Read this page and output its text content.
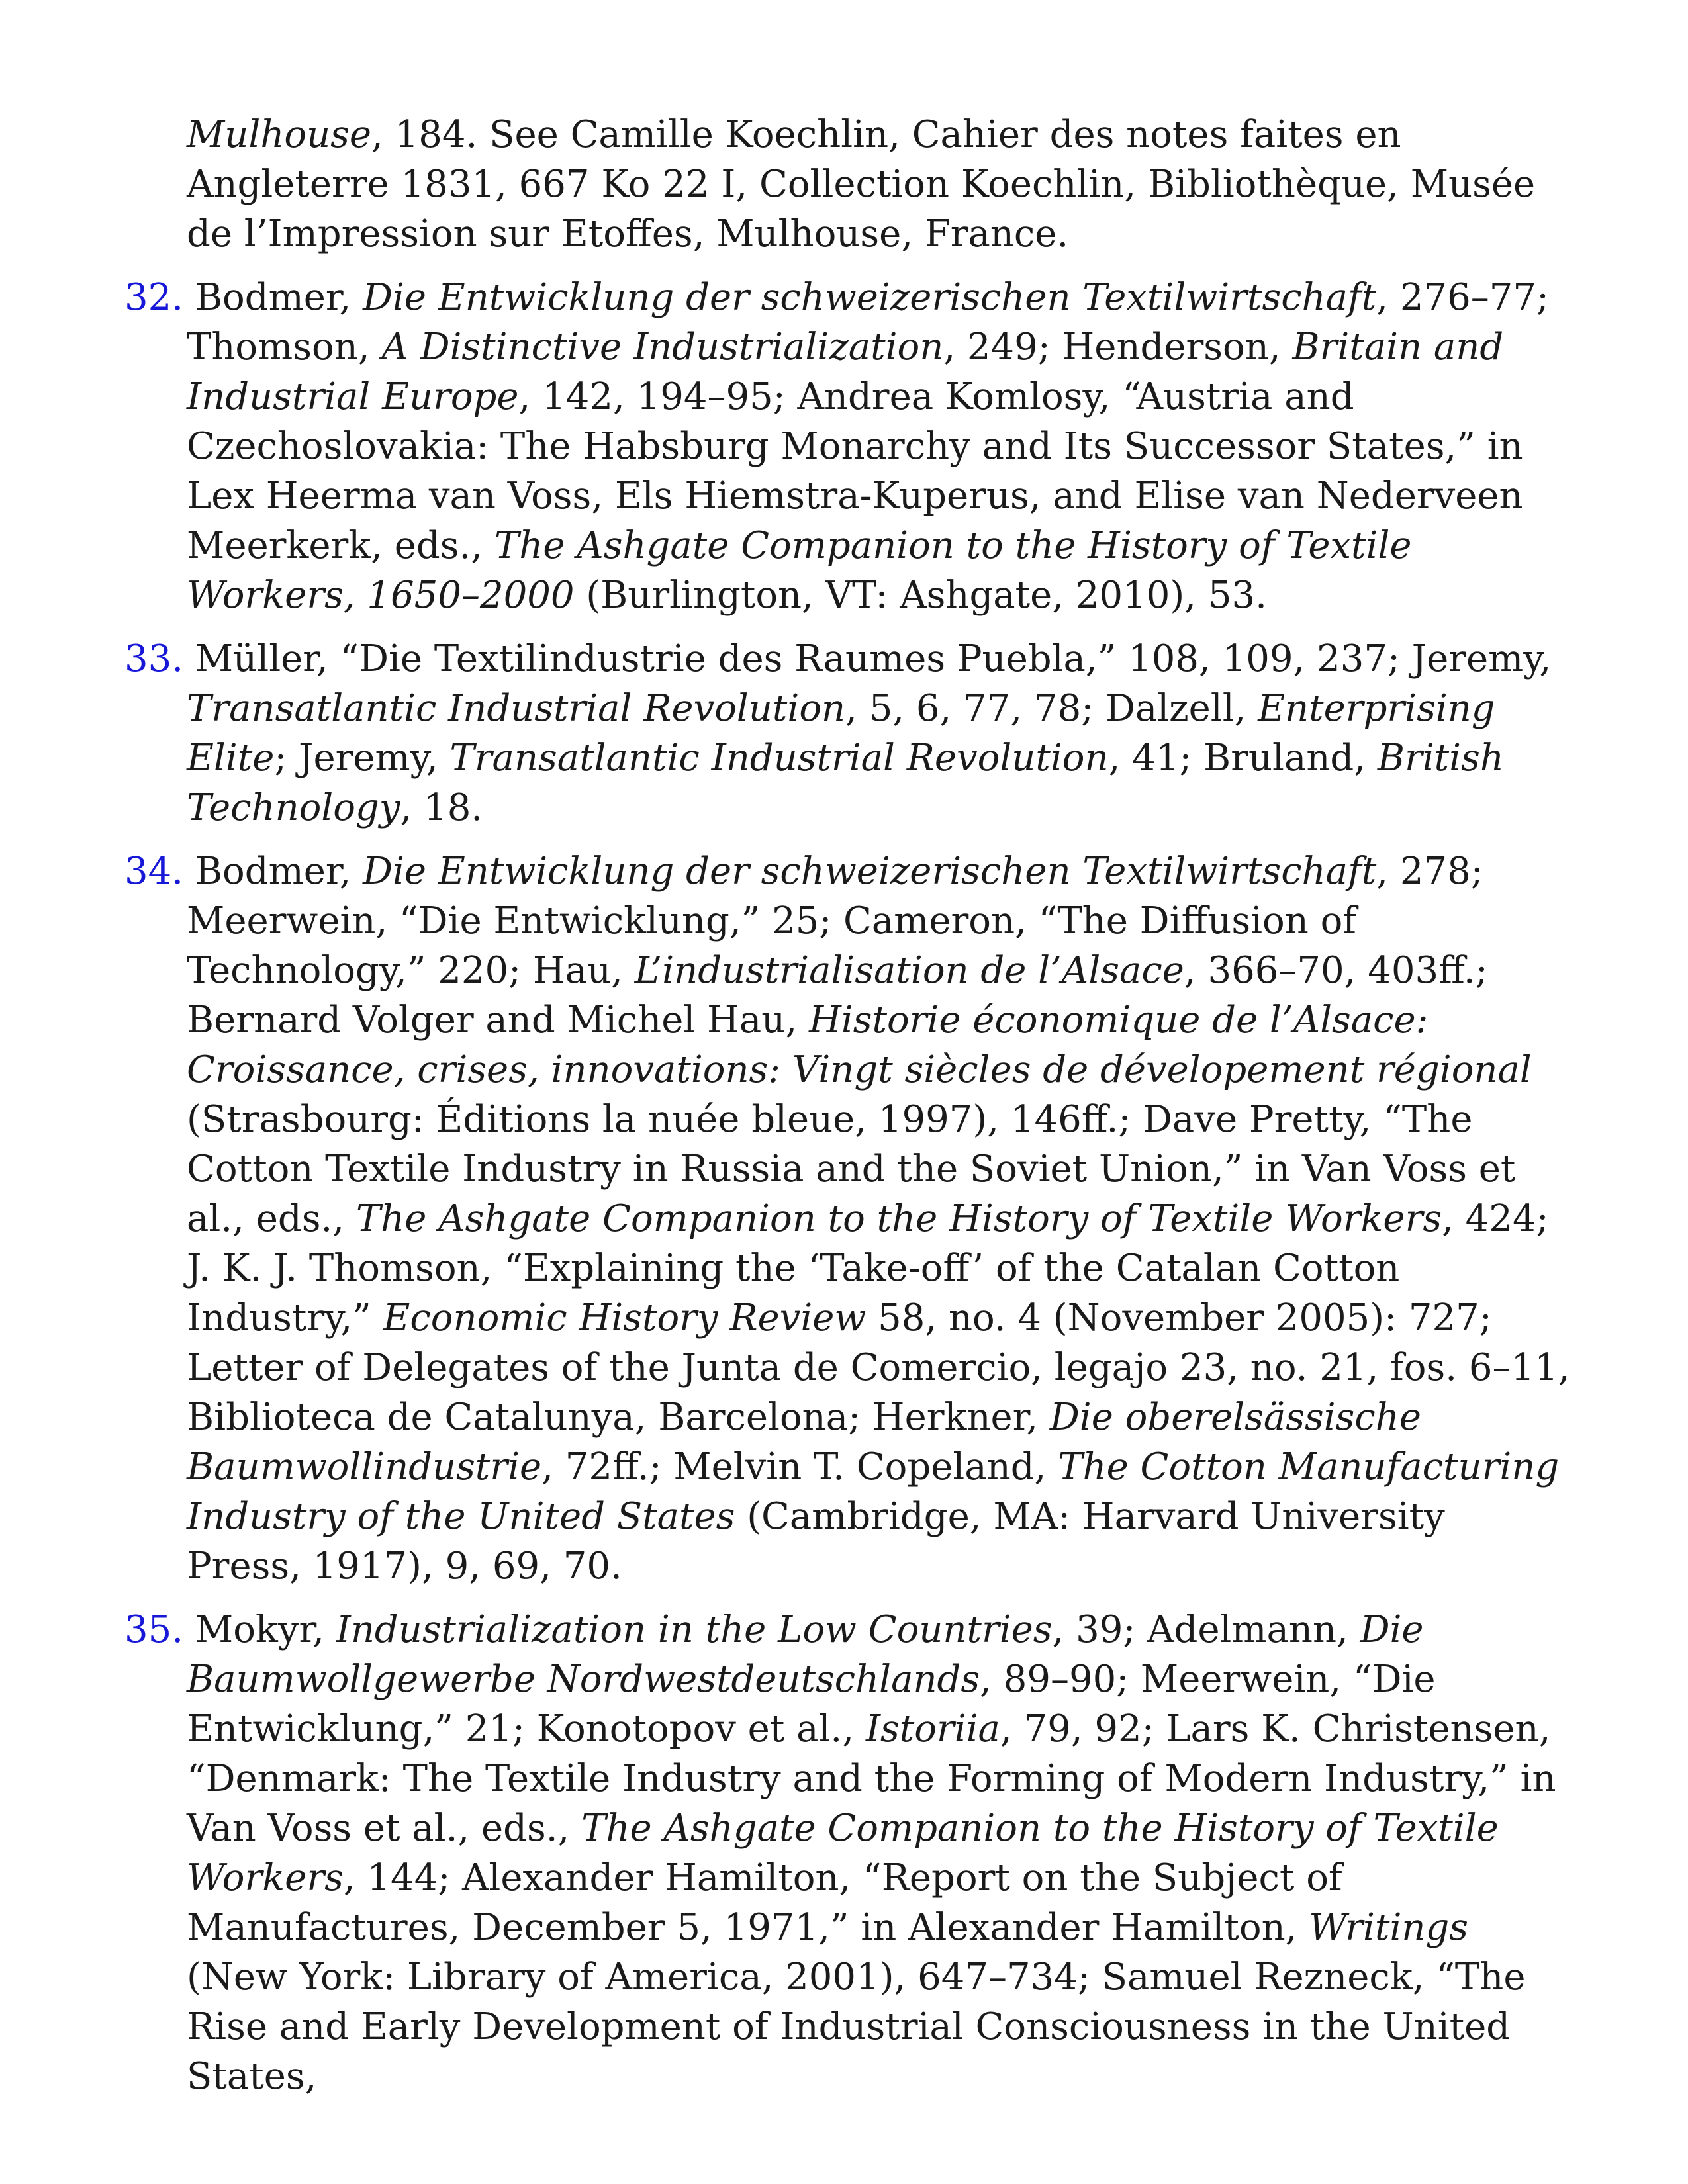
Mulhouse, 184. See Camille Koechlin, Cahier des notes faites en Angleterre 1831, 667 Ko 22 I, Collection Koechlin, Bibliothèque, Musée de l’Impression sur Etoffes, Mulhouse, France.

32. Bodmer, Die Entwicklung der schweizerischen Textilwirtschaft, 276–77; Thomson, A Distinctive Industrialization, 249; Henderson, Britain and Industrial Europe, 142, 194–95; Andrea Komlosy, “Austria and Czechoslovakia: The Habsburg Monarchy and Its Successor States,” in Lex Heerma van Voss, Els Hiemstra-Kuperus, and Elise van Nederveen Meerkerk, eds., The Ashgate Companion to the History of Textile Workers, 1650–2000 (Burlington, VT: Ashgate, 2010), 53.

33. Müller, “Die Textilindustrie des Raumes Puebla,” 108, 109, 237; Jeremy, Transatlantic Industrial Revolution, 5, 6, 77, 78; Dalzell, Enterprising Elite; Jeremy, Transatlantic Industrial Revolution, 41; Bruland, British Technology, 18.

34. Bodmer, Die Entwicklung der schweizerischen Textilwirtschaft, 278; Meerwein, “Die Entwicklung,” 25; Cameron, “The Diffusion of Technology,” 220; Hau, L’industrialisation de l’Alsace, 366–70, 403ff.; Bernard Volger and Michel Hau, Historie économique de l’Alsace: Croissance, crises, innovations: Vingt siècles de dévelopement régional (Strasbourg: Éditions la nuée bleue, 1997), 146ff.; Dave Pretty, “The Cotton Textile Industry in Russia and the Soviet Union,” in Van Voss et al., eds., The Ashgate Companion to the History of Textile Workers, 424; J. K. J. Thomson, “Explaining the ‘Take-off’ of the Catalan Cotton Industry,” Economic History Review 58, no. 4 (November 2005): 727; Letter of Delegates of the Junta de Comercio, legajo 23, no. 21, fos. 6–11, Biblioteca de Catalunya, Barcelona; Herkner, Die oberelsässische Baumwollindustrie, 72ff.; Melvin T. Copeland, The Cotton Manufacturing Industry of the United States (Cambridge, MA: Harvard University Press, 1917), 9, 69, 70.

35. Mokyr, Industrialization in the Low Countries, 39; Adelmann, Die Baumwollgewerbe Nordwestdeutschlands, 89–90; Meerwein, “Die Entwicklung,” 21; Konotopov et al., Istoriia, 79, 92; Lars K. Christensen, “Denmark: The Textile Industry and the Forming of Modern Industry,” in Van Voss et al., eds., The Ashgate Companion to the History of Textile Workers, 144; Alexander Hamilton, “Report on the Subject of Manufactures, December 5, 1971,” in Alexander Hamilton, Writings (New York: Library of America, 2001), 647–734; Samuel Rezneck, “The Rise and Early Development of Industrial Consciousness in the United States,
